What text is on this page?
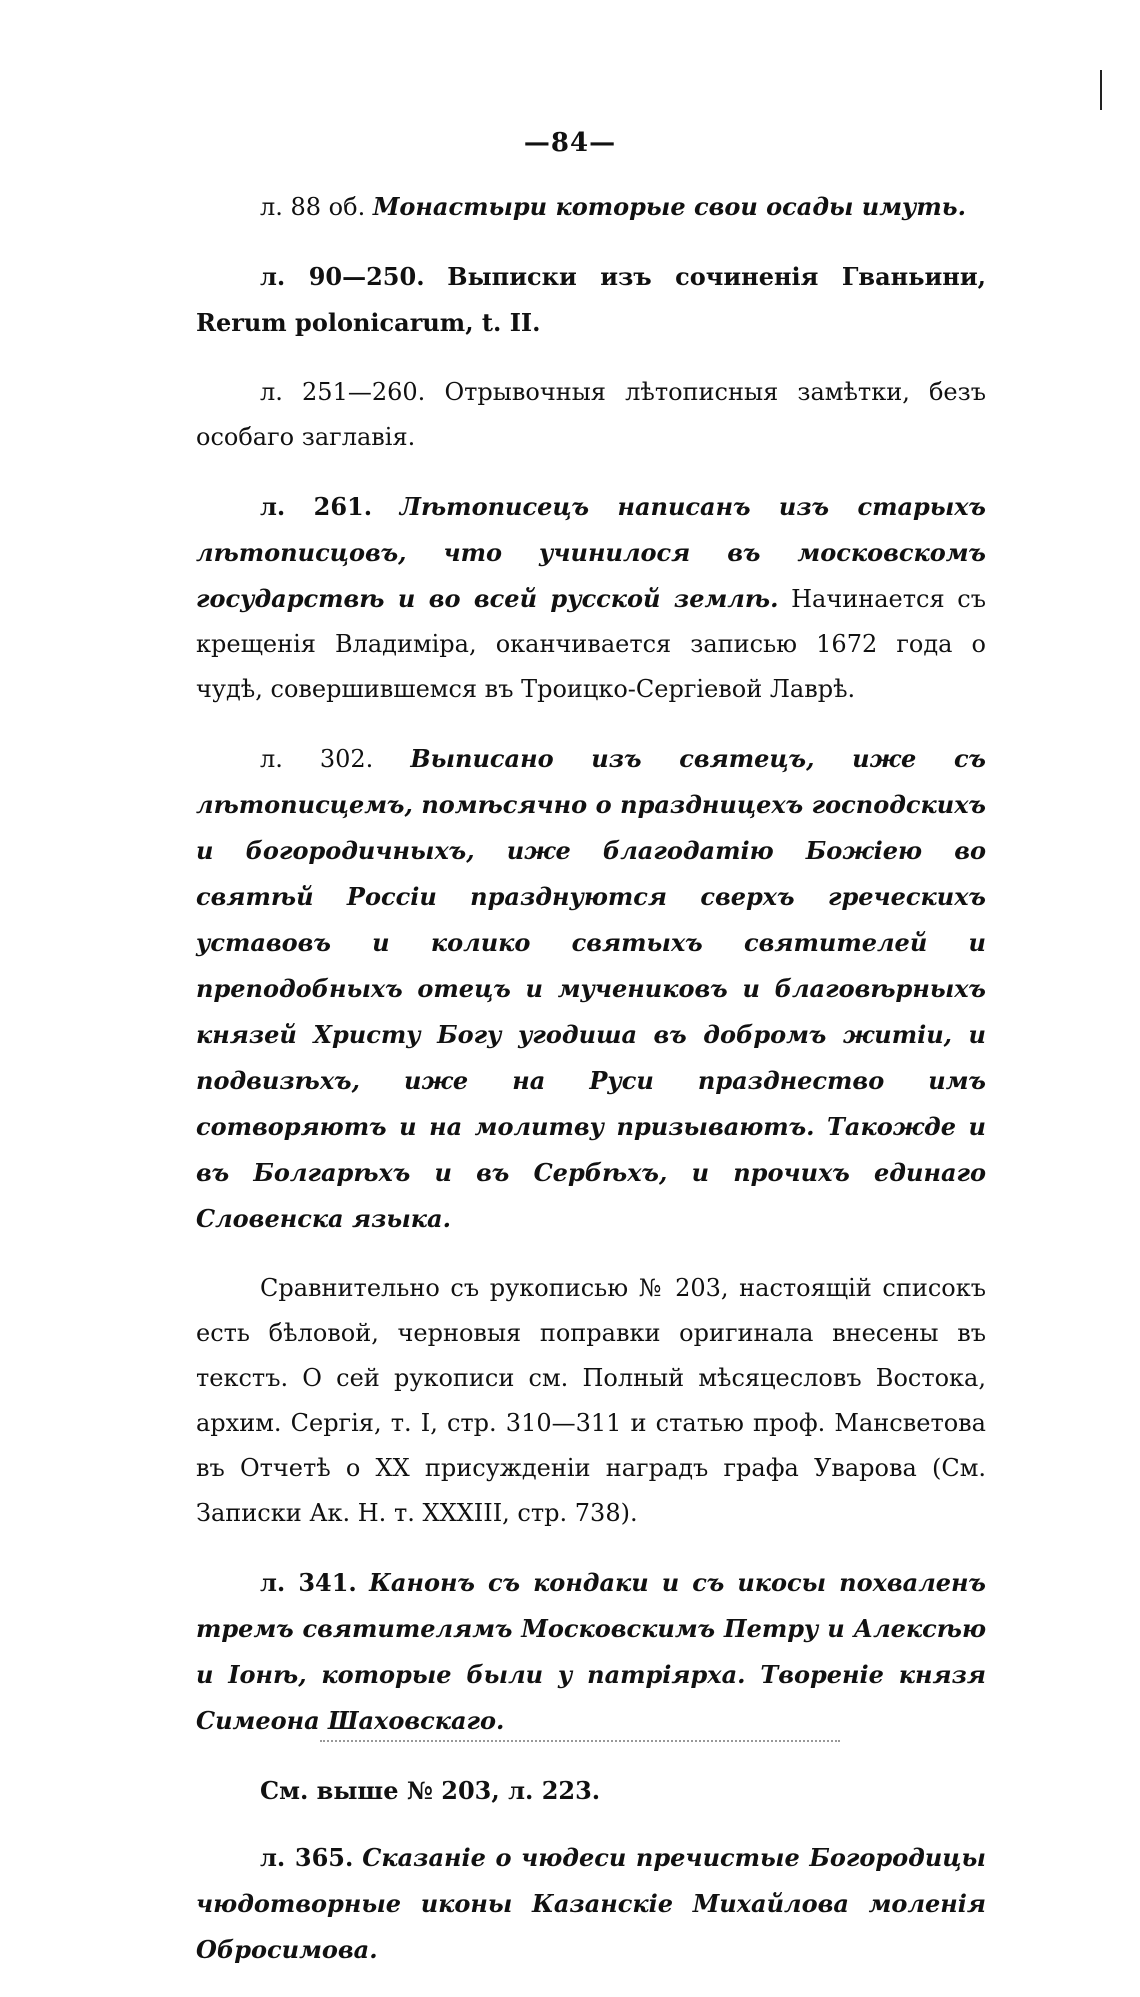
—84—

л. 88 об. Монастыри которые свои осады имуть.

л. 90—250. Выписки изъ сочиненія Гваньини, Rerum polonicarum, t. II.

л. 251—260. Отрывочныя лѣтописныя замѣтки, безъ особаго заглавія.

л. 261. Лѣтописецъ написанъ изъ старыхъ лѣтописцовъ, что учинилося въ московскомъ государствѣ и во всей русской землѣ. Начинается съ крещенія Владиміра, оканчивается записью 1672 года о чудѣ, совершившемся въ Троицко-Сергіевой Лаврѣ.

л. 302. Выписано изъ святецъ, иже съ лѣтописцемъ, помѣсячно о праздницехъ господскихъ и богородичныхъ, иже благодатію Божіею во святѣй Россіи празднуются сверхъ греческихъ уставовъ и колико святыхъ святителей и преподобныхъ отецъ и мучениковъ и благовѣрныхъ князей Христу Богу угодиша въ добромъ житіи, и подвизѣхъ, иже на Руси празднество имъ сотворяютъ и на молитву призываютъ. Такожде и въ Болгарѣхъ и въ Сербѣхъ, и прочихъ единаго Словенска языка.

Сравнительно съ рукописью № 203, настоящій списокъ есть бѣловой, черновыя поправки оригинала внесены въ текстъ. О сей рукописи см. Полный мѣсяцесловъ Востока, архим. Сергія, т. I, стр. 310—311 и статью проф. Мансветова въ Отчетѣ о XX присужденіи наградъ графа Уварова (См. Записки Ак. Н. т. XXXIII, стр. 738).

л. 341. Канонъ съ кондаки и съ икосы похваленъ тремъ святителямъ Московскимъ Петру и Алексѣю и Іонѣ, которые были у патріярха. Твореніе князя Симеона Шаховскаго.

См. выше № 203, л. 223.

л. 365. Сказаніе о чюдеси пречистые Богородицы чюдотворные иконы Казанскіе Михайлова моленія Обросимова.
